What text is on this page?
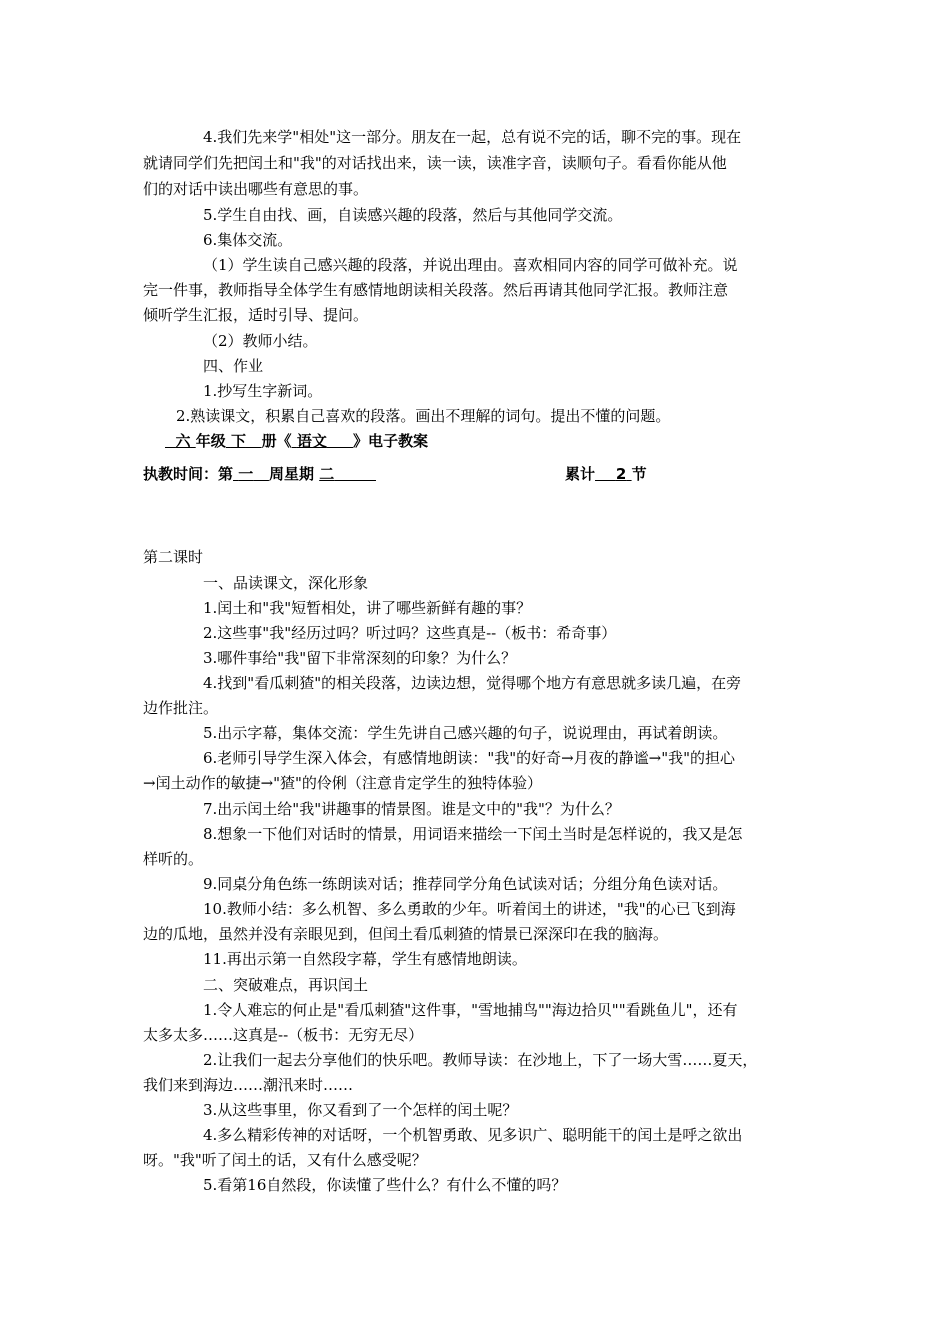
4.我们先来学"相处"这一部分。朋友在一起，总有说不完的话，聊不完的事。现在
就请同学们先把闰土和"我"的对话找出来，读一读，读准字音，读顺句子。看看你能从他
们的对话中读出哪些有意思的事。
5.学生自由找、画，自读感兴趣的段落，然后与其他同学交流。
6.集体交流。
（1）学生读自己感兴趣的段落，并说出理由。喜欢相同内容的同学可做补充。说
完一件事，教师指导全体学生有感情地朗读相关段落。然后再请其他同学汇报。教师注意
倾听学生汇报，适时引导、提问。
（2）教师小结。
四、作业
1.抄写生字新词。
2.熟读课文，积累自己喜欢的段落。画出不理解的词句。提出不懂的问题。
六 年级 下 册《 语文 》电子教案
执教时间：第 一 周星期 二	累计 2 节
第二课时
一、品读课文，深化形象
1.闰土和"我"短暂相处，讲了哪些新鲜有趣的事？
2.这些事"我"经历过吗？听过吗？这些真是--（板书：希奇事）
3.哪件事给"我"留下非常深刻的印象？为什么？
4.找到"看瓜刺猹"的相关段落，边读边想，觉得哪个地方有意思就多读几遍，在旁
边作批注。
5.出示字幕，集体交流：学生先讲自己感兴趣的句子，说说理由，再试着朗读。
6.老师引导学生深入体会，有感情地朗读："我"的好奇→月夜的静谧→"我"的担心
→闰土动作的敏捷→"猹"的伶俐（注意肯定学生的独特体验）
7.出示闰土给"我"讲趣事的情景图。谁是文中的"我"？为什么？
8.想象一下他们对话时的情景，用词语来描绘一下闰土当时是怎样说的，我又是怎
样听的。
9.同桌分角色练一练朗读对话；推荐同学分角色试读对话；分组分角色读对话。
10.教师小结：多么机智、多么勇敢的少年。听着闰土的讲述，"我"的心已飞到海
边的瓜地，虽然并没有亲眼见到，但闰土看瓜刺猹的情景已深深印在我的脑海。
11.再出示第一自然段字幕，学生有感情地朗读。
二、突破难点，再识闰土
1.令人难忘的何止是"看瓜刺猹"这件事，"雪地捕鸟""海边拾贝""看跳鱼儿"，还有
太多太多……这真是--（板书：无穷无尽）
2.让我们一起去分享他们的快乐吧。教师导读：在沙地上，下了一场大雪……夏天，
我们来到海边……潮汛来时……
3.从这些事里，你又看到了一个怎样的闰土呢？
4.多么精彩传神的对话呀，一个机智勇敢、见多识广、聪明能干的闰土是呼之欲出
呀。"我"听了闰土的话，又有什么感受呢？
5.看第16自然段，你读懂了些什么？有什么不懂的吗？
